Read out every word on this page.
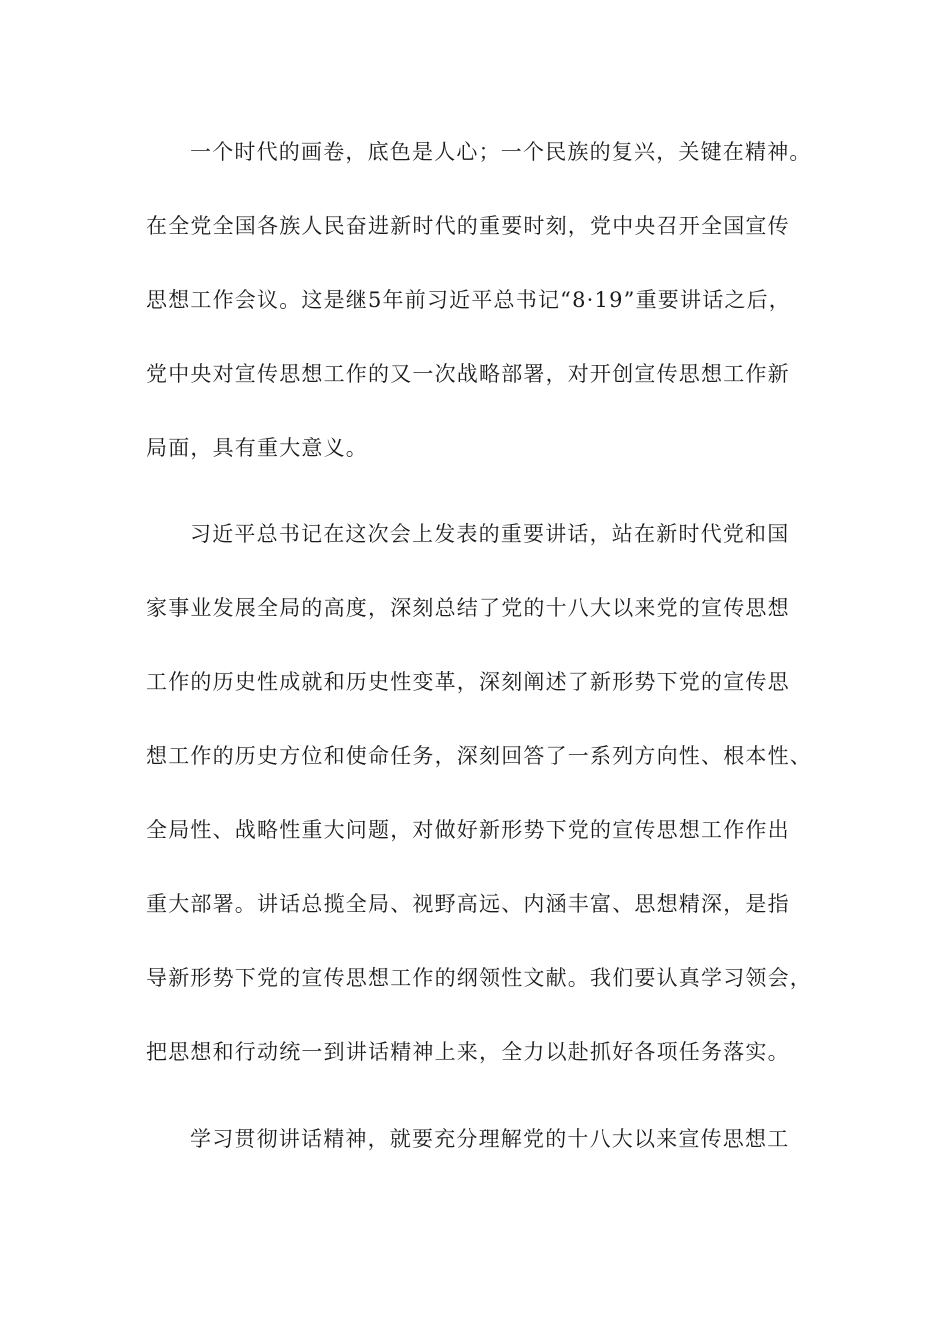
一个时代的画卷，底色是人心；一个民族的复兴，关键在精神。
在全党全国各族人民奋进新时代的重要时刻，党中央召开全国宣传
思想工作会议。这是继5年前习近平总书记“8·19”重要讲话之后，
党中央对宣传思想工作的又一次战略部署，对开创宣传思想工作新
局面，具有重大意义。
习近平总书记在这次会上发表的重要讲话，站在新时代党和国
家事业发展全局的高度，深刻总结了党的十八大以来党的宣传思想
工作的历史性成就和历史性变革，深刻阐述了新形势下党的宣传思
想工作的历史方位和使命任务，深刻回答了一系列方向性、根本性、
全局性、战略性重大问题，对做好新形势下党的宣传思想工作作出
重大部署。讲话总揽全局、视野高远、内涵丰富、思想精深，是指
导新形势下党的宣传思想工作的纲领性文献。我们要认真学习领会，
把思想和行动统一到讲话精神上来，全力以赴抓好各项任务落实。
学习贯彻讲话精神，就要充分理解党的十八大以来宣传思想工
